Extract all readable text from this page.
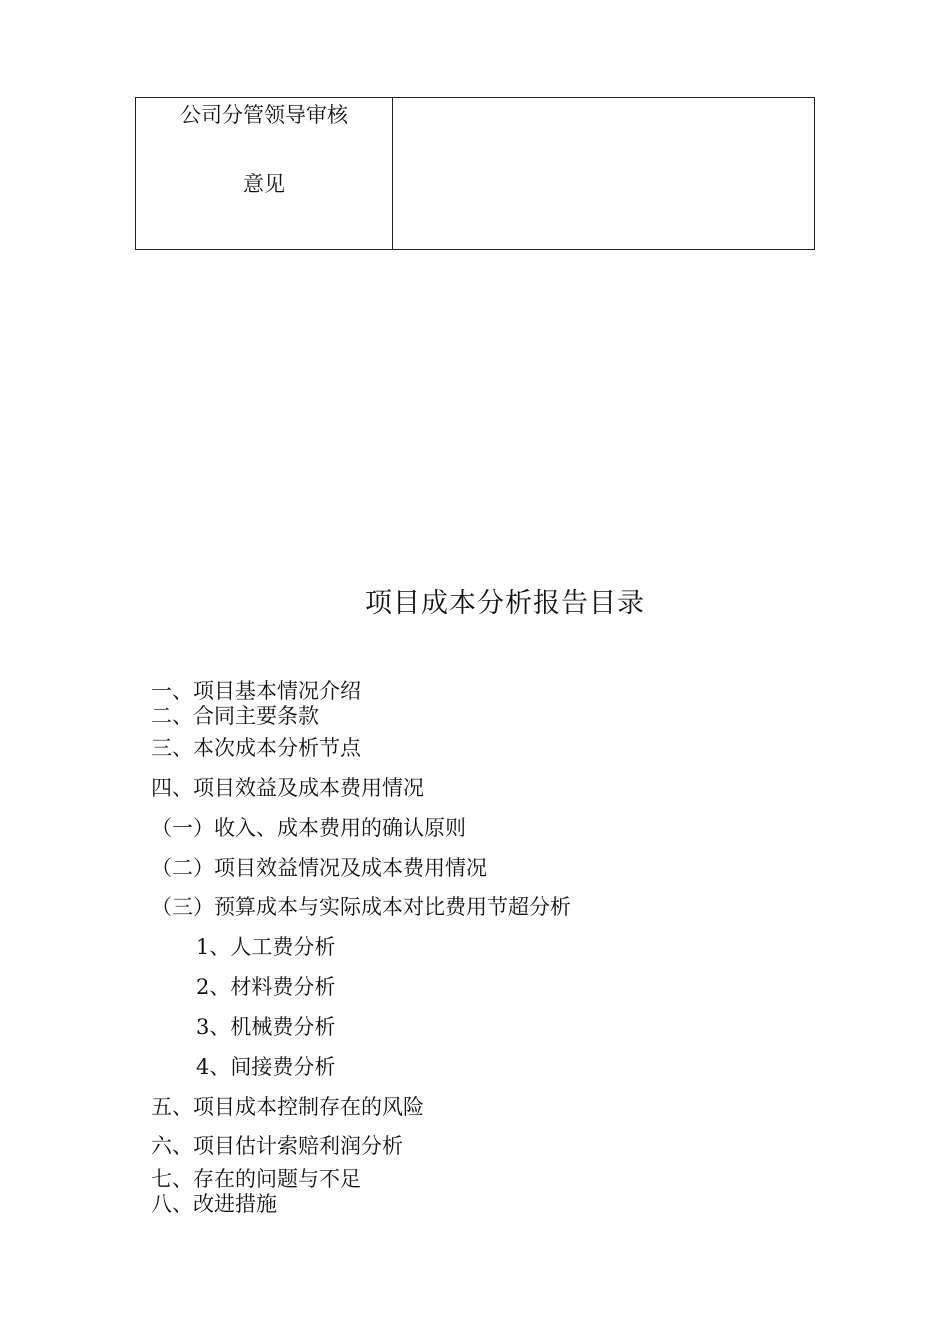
公司分管领导审核
意见
项目成本分析报告目录
一、项目基本情况介绍
二、合同主要条款
三、本次成本分析节点
四、项目效益及成本费用情况
（一）收入、成本费用的确认原则
（二）项目效益情况及成本费用情况
（三）预算成本与实际成本对比费用节超分析
1、人工费分析
2、材料费分析
3、机械费分析
4、间接费分析
五、项目成本控制存在的风险
六、项目估计索赔利润分析
七、存在的问题与不足
八、改进措施
